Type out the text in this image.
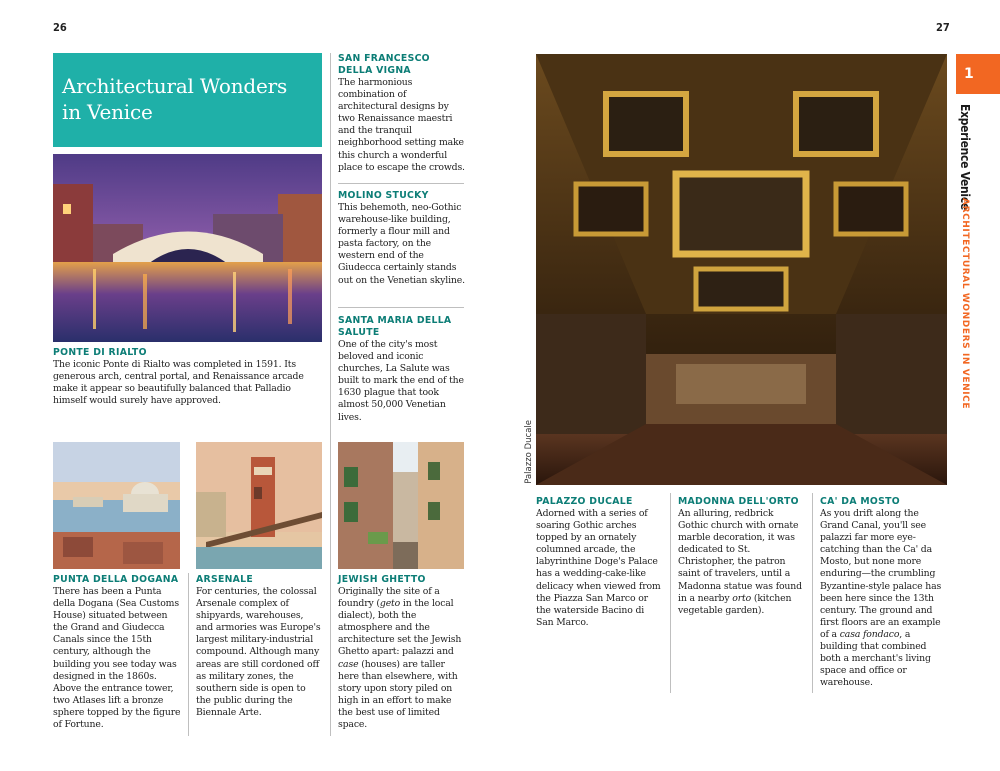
26	27
Architectural Wonders in Venice
PONTE DI RIALTO
The iconic Ponte di Rialto was completed in 1591. Its generous arch, central portal, and Renaissance arcade make it appear so beautifully balanced that Palladio himself would surely have approved.
SAN FRANCESCO DELLA VIGNA
The harmonious combination of architectural designs by two Renaissance maestri and the tranquil neighborhood setting make this church a wonderful place to escape the crowds.
MOLINO STUCKY
This behemoth, neo-Gothic warehouse-like building, formerly a flour mill and pasta factory, on the western end of the Giudecca certainly stands out on the Venetian skyline.
SANTA MARIA DELLA SALUTE
One of the city's most beloved and iconic churches, La Salute was built to mark the end of the 1630 plague that took almost 50,000 Venetian lives.
PUNTA DELLA DOGANA
There has been a Punta della Dogana (Sea Customs House) situated between the Grand and Giudecca Canals since the 15th century, although the building you see today was designed in the 1860s. Above the entrance tower, two Atlases lift a bronze sphere topped by the figure of Fortune.
ARSENALE
For centuries, the colossal Arsenale complex of shipyards, warehouses, and armories was Europe's largest military-industrial compound. Although many areas are still cordoned off as military zones, the southern side is open to the public during the Biennale Arte.
JEWISH GHETTO
Originally the site of a foundry (geto in the local dialect), both the atmosphere and the architecture set the Jewish Ghetto apart: palazzi and case (houses) are taller here than elsewhere, with story upon story piled on high in an effort to make the best use of limited space.
Palazzo Ducale
PALAZZO DUCALE
Adorned with a series of soaring Gothic arches topped by an ornately columned arcade, the labyrinthine Doge's Palace has a wedding-cake-like delicacy when viewed from the Piazza San Marco or the waterside Bacino di San Marco.
MADONNA DELL'ORTO
An alluring, redbrick Gothic church with ornate marble decoration, it was dedicated to St. Christopher, the patron saint of travelers, until a Madonna statue was found in a nearby orto (kitchen vegetable garden).
CA' DA MOSTO
As you drift along the Grand Canal, you'll see palazzi far more eye-catching than the Ca' da Mosto, but none more enduring—the crumbling Byzantine-style palace has been here since the 13th century. The ground and first floors are an example of a casa fondaco, a building that combined both a merchant's living space and office or warehouse.
1
Experience Venice
ARCHITECTURAL WONDERS IN VENICE
